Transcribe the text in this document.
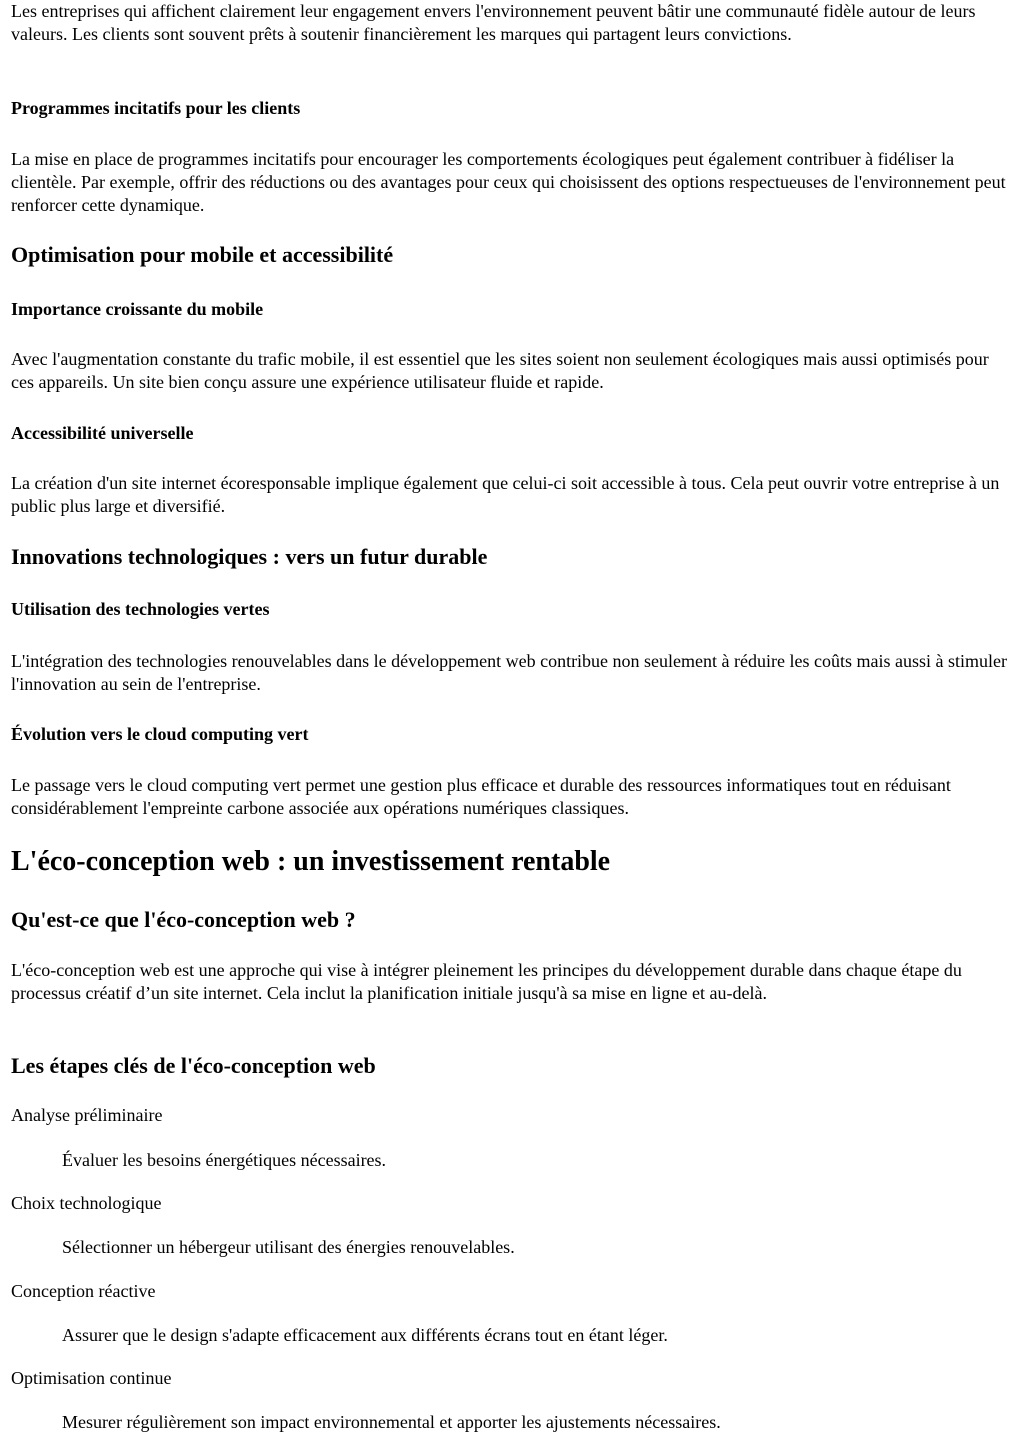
Les entreprises qui affichent clairement leur engagement envers l'environnement peuvent bâtir une communauté fidèle autour de leurs valeurs. Les clients sont souvent prêts à soutenir financièrement les marques qui partagent leurs convictions.

Programmes incitatifs pour les clients

La mise en place de programmes incitatifs pour encourager les comportements écologiques peut également contribuer à fidéliser la clientèle. Par exemple, offrir des réductions ou des avantages pour ceux qui choisissent des options respectueuses de l'environnement peut renforcer cette dynamique.

Optimisation pour mobile et accessibilité
Importance croissante du mobile

Avec l'augmentation constante du trafic mobile, il est essentiel que les sites soient non seulement écologiques mais aussi optimisés pour ces appareils. Un site bien conçu assure une expérience utilisateur fluide et rapide.

Accessibilité universelle

La création d'un site internet écoresponsable implique également que celui-ci soit accessible à tous. Cela peut ouvrir votre entreprise à un public plus large et diversifié.

Innovations technologiques : vers un futur durable
Utilisation des technologies vertes

L'intégration des technologies renouvelables dans le développement web contribue non seulement à réduire les coûts mais aussi à stimuler l'innovation au sein de l'entreprise.

Évolution vers le cloud computing vert

Le passage vers le cloud computing vert permet une gestion plus efficace et durable des ressources informatiques tout en réduisant considérablement l'empreinte carbone associée aux opérations numériques classiques.

L'éco-conception web : un investissement rentable
Qu'est-ce que l'éco-conception web ?

L'éco-conception web est une approche qui vise à intégrer pleinement les principes du développement durable dans chaque étape du processus créatif d’un site internet. Cela inclut la planification initiale jusqu'à sa mise en ligne et au-delà.

Les étapes clés de l'éco-conception web
Analyse préliminaire
Évaluer les besoins énergétiques nécessaires.
Choix technologique
Sélectionner un hébergeur utilisant des énergies renouvelables.
Conception réactive
Assurer que le design s'adapte efficacement aux différents écrans tout en étant léger.
Optimisation continue
Mesurer régulièrement son impact environnemental et apporter les ajustements nécessaires.
